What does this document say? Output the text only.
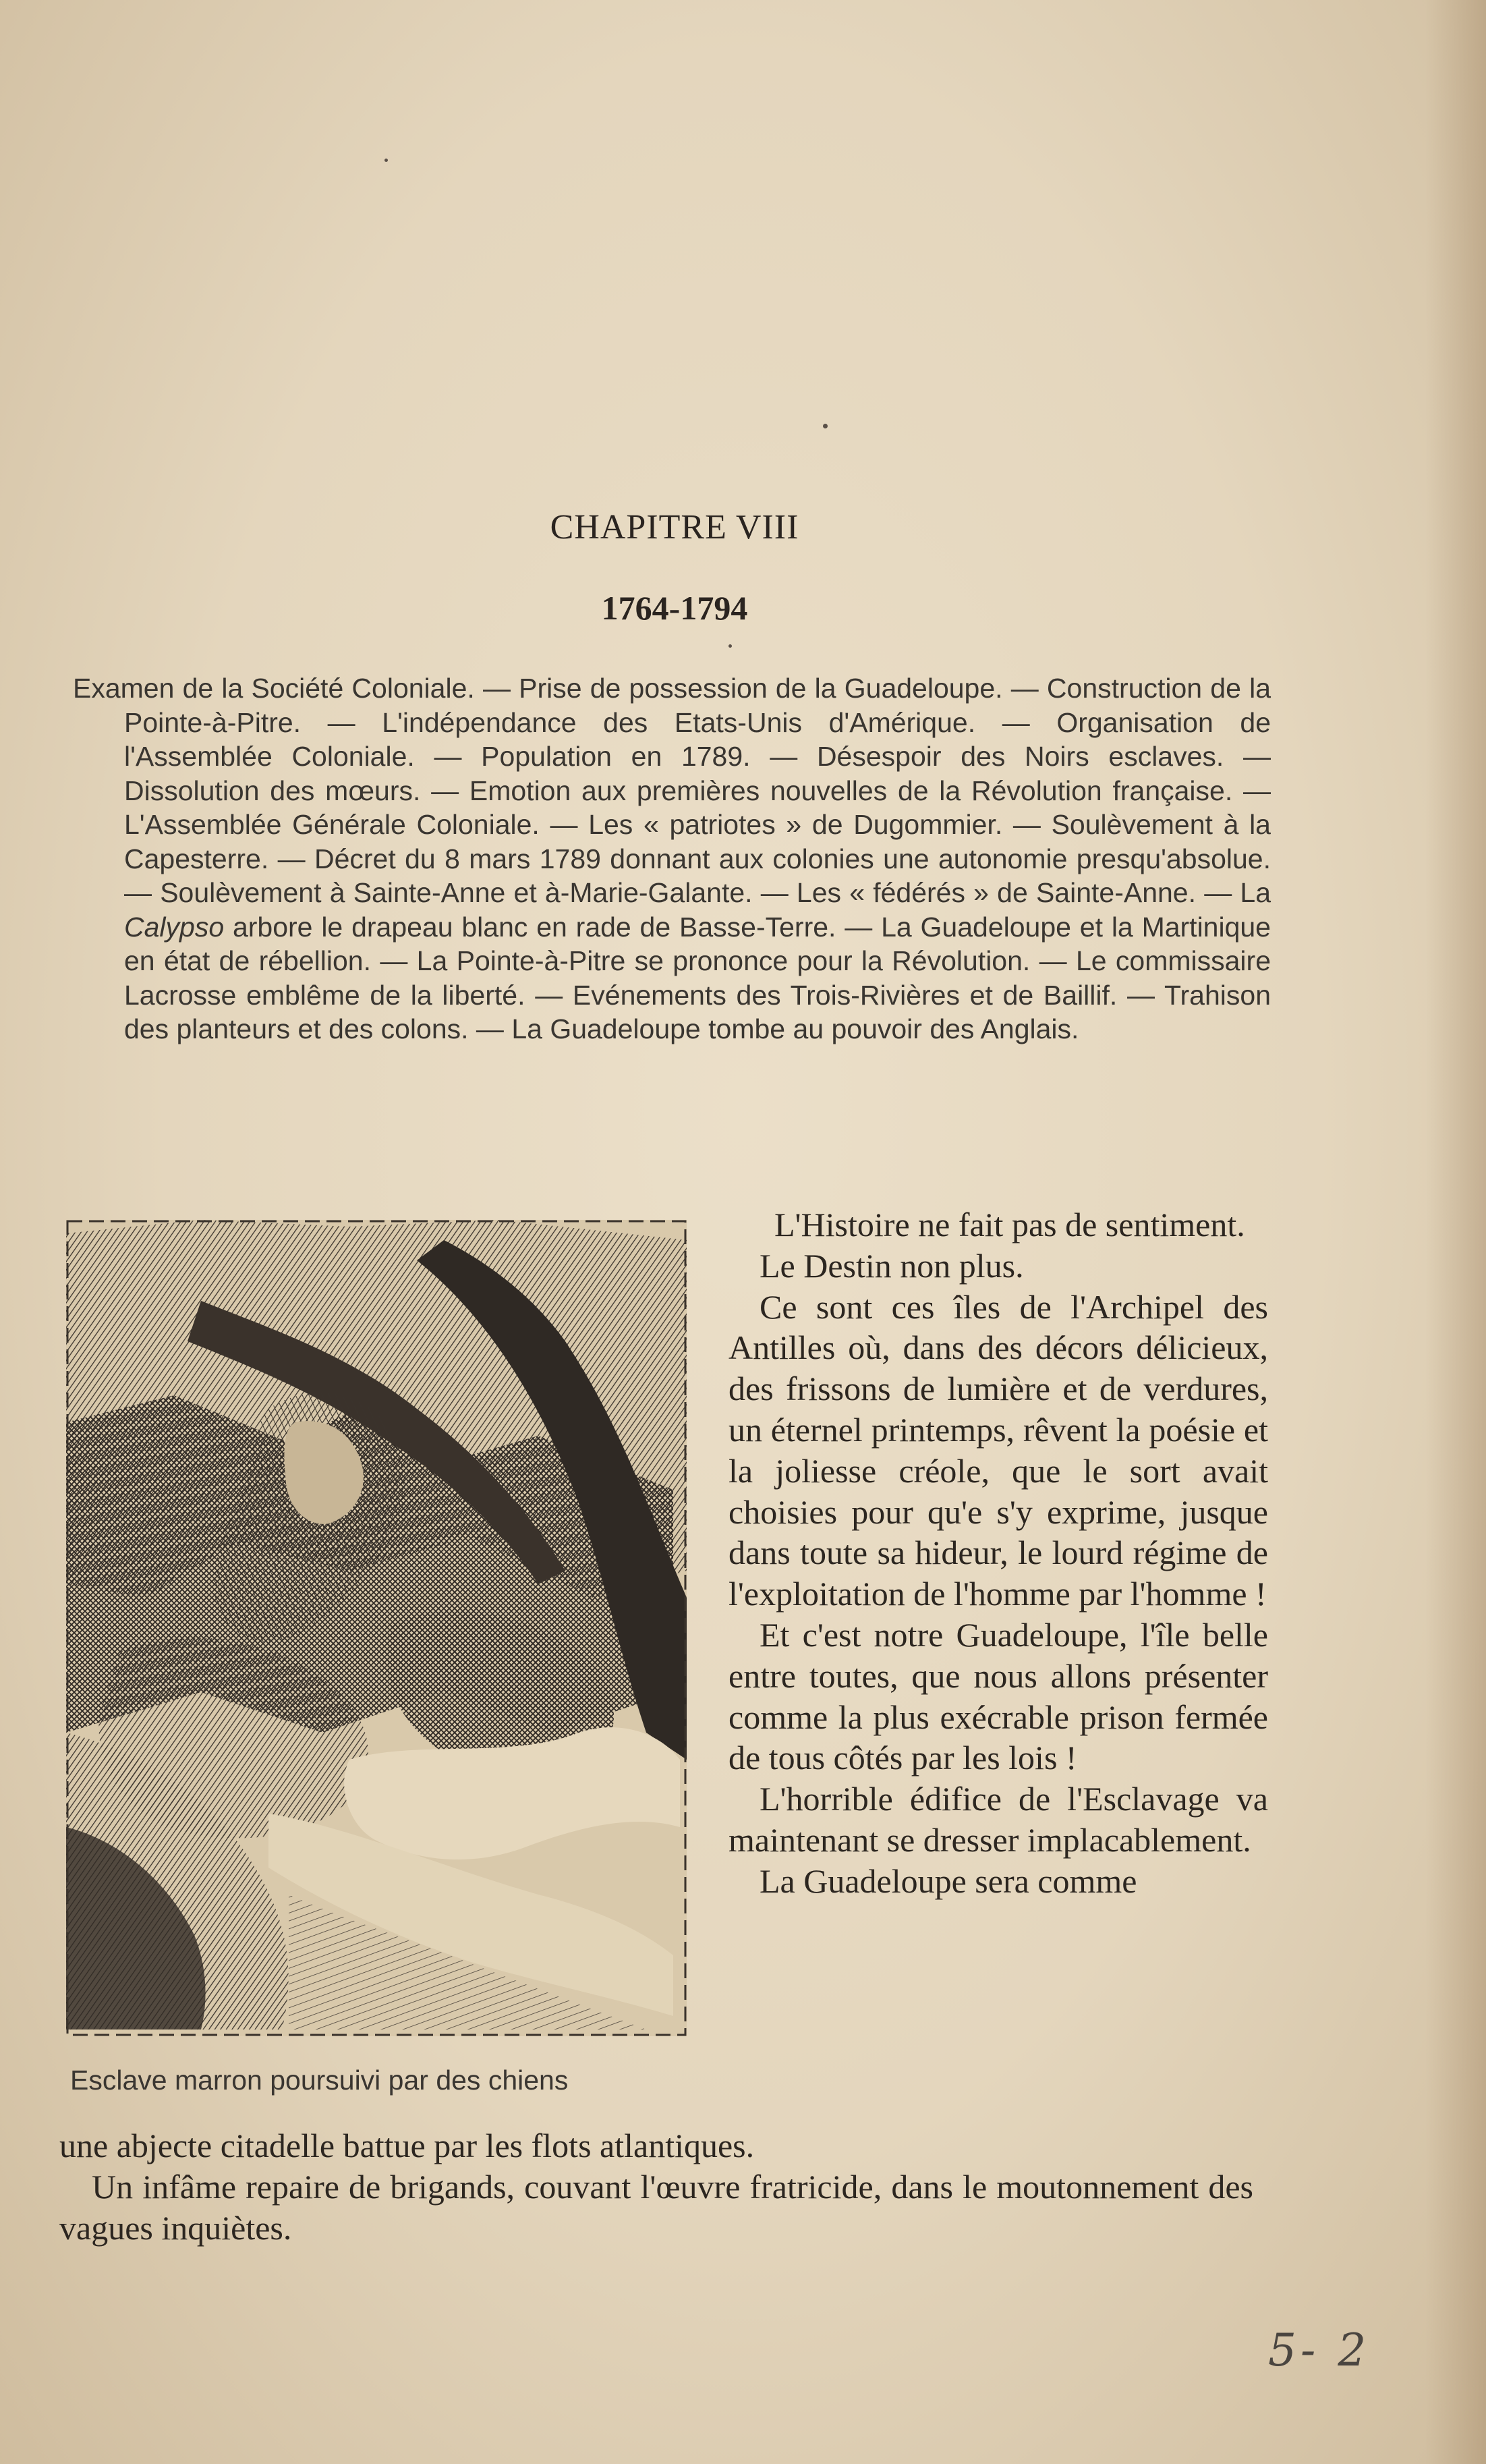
CHAPITRE VIII
1764-1794

Examen de la Société Coloniale. — Prise de possession de la Guadeloupe. — Construction de la Pointe-à-Pitre. — L'indépendance des Etats-Unis d'Amérique. — Organisation de l'Assemblée Coloniale. — Population en 1789. — Désespoir des Noirs esclaves. — Dissolution des mœurs. — Emotion aux premières nouvelles de la Révolution française. — L'Assemblée Générale Coloniale. — Les « patriotes » de Dugommier. — Soulèvement à la Capesterre. — Décret du 8 mars 1789 donnant aux colonies une autonomie presqu'absolue. — Soulèvement à Sainte-Anne et à-Marie-Galante. — Les « fédérés » de Sainte-Anne. — La Calypso arbore le drapeau blanc en rade de Basse-Terre. — La Guadeloupe et la Martinique en état de rébellion. — La Pointe-à-Pitre se prononce pour la Révolution. — Le commissaire Lacrosse emblême de la liberté. — Evénements des Trois-Rivières et de Baillif. — Trahison des planteurs et des colons. — La Guadeloupe tombe au pouvoir des Anglais.

Esclave marron poursuivi par des chiens

L'Histoire ne fait pas de sentiment.

Le Destin non plus.

Ce sont ces îles de l'Archipel des Antilles où, dans des décors délicieux, des frissons de lumière et de verdures, un éternel printemps, rêvent la poésie et la joliesse créole, que le sort avait choisies pour qu'e s'y exprime, jusque dans toute sa hideur, le lourd régime de l'exploitation de l'homme par l'homme !

Et c'est notre Guadeloupe, l'île belle entre toutes, que nous allons présenter comme la plus exécrable prison fermée de tous côtés par les lois !

L'horrible édifice de l'Esclavage va maintenant se dresser implacablement.

La Guadeloupe sera comme

une abjecte citadelle battue par les flots atlantiques.

Un infâme repaire de brigands, couvant l'œuvre fratricide, dans le moutonnement des vagues inquiètes.

5- 2
